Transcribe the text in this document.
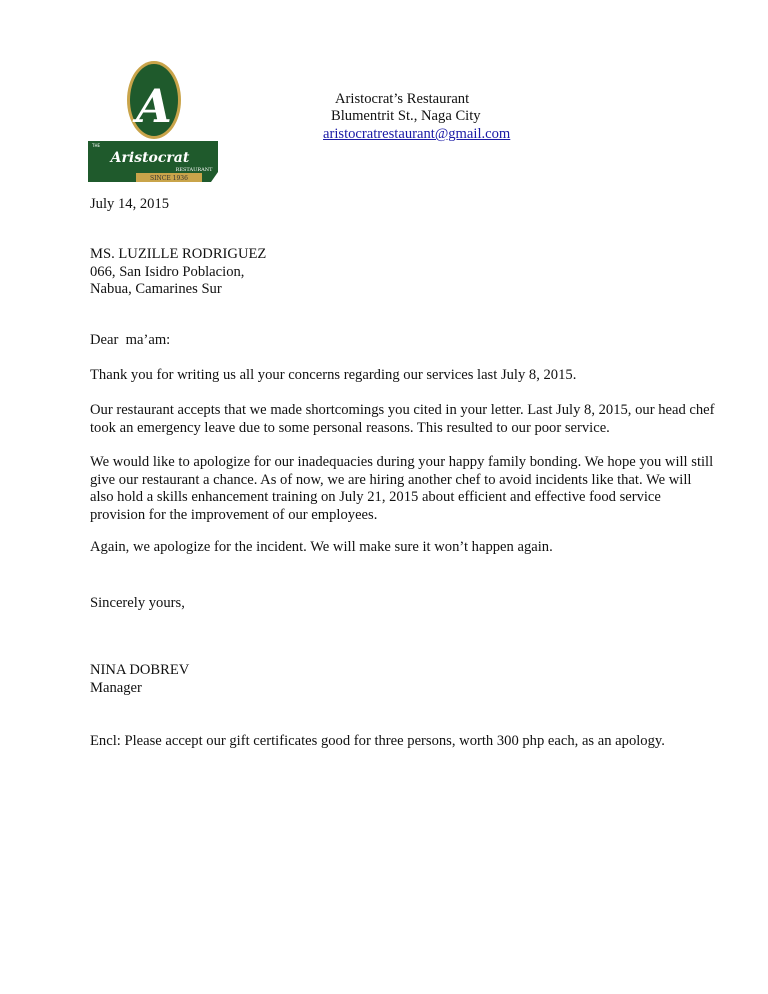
A
THE
Aristocrat
RESTAURANT
SINCE 1936
Aristocrat’s Restaurant
Blumentrit St., Naga City
aristocratrestaurant@gmail.com
July 14, 2015
MS. LUZILLE RODRIGUEZ
066, San Isidro Poblacion,
Nabua, Camarines Sur
Dear  ma’am:
Thank you for writing us all your concerns regarding our services last July 8, 2015.
Our restaurant accepts that we made shortcomings you cited in your letter. Last July 8, 2015, our head chef took an emergency leave due to some personal reasons. This resulted to our poor service.
We would like to apologize for our inadequacies during your happy family bonding. We hope you will still give our restaurant a chance. As of now, we are hiring another chef to avoid incidents like that. We will also hold a skills enhancement training on July 21, 2015 about efficient and effective food service provision for the improvement of our employees.
Again, we apologize for the incident. We will make sure it won’t happen again.
Sincerely yours,
NINA DOBREV
Manager
Encl: Please accept our gift certificates good for three persons, worth 300 php each, as an apology.
